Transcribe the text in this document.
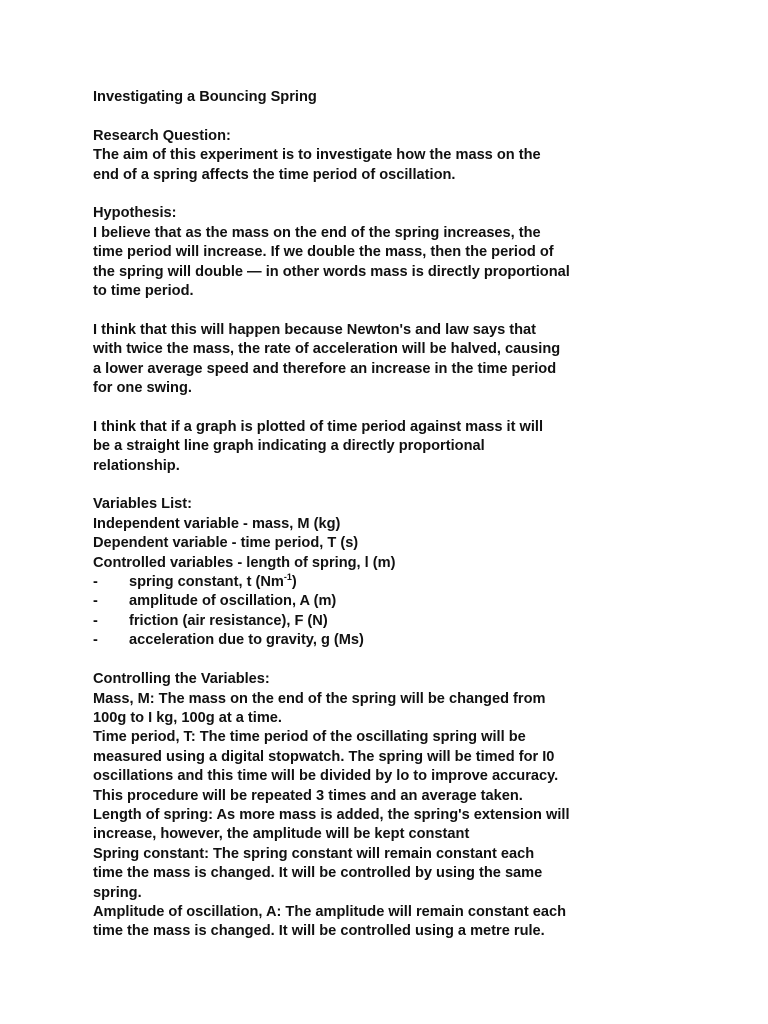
Investigating a Bouncing Spring
Research Question:
The aim of this experiment is to investigate how the mass on the
end of a spring affects the time period of oscillation.
Hypothesis:
I believe that as the mass on the end of the spring increases, the
time period will increase. If we double the mass, then the period of
the spring will double — in other words mass is directly proportional
to time period.
I think that this will happen because Newton's and law says that
with twice the mass, the rate of acceleration will be halved, causing
a lower average speed and therefore an increase in the time period
for one swing.
I think that if a graph is plotted of time period against mass it will
be a straight line graph indicating a directly proportional
relationship.
Variables List:
Independent variable - mass, M (kg)
Dependent variable - time period, T (s)
Controlled variables - length of spring, l (m)
- spring constant, t $(Nm^{-1})$
- amplitude of oscillation, A (m)
- friction (air resistance), F (N)
- acceleration due to gravity, g (Ms)
Controlling the Variables:
Mass, M: The mass on the end of the spring will be changed from
100g to I kg, 100g at a time.
Time period, T: The time period of the oscillating spring will be
measured using a digital stopwatch. The spring will be timed for I0
oscillations and this time will be divided by lo to improve accuracy.
This procedure will be repeated 3 times and an average taken.
Length of spring: As more mass is added, the spring's extension will
increase, however, the amplitude will be kept constant
Spring constant: The spring constant will remain constant each
time the mass is changed. It will be controlled by using the same
spring.
Amplitude of oscillation, A: The amplitude will remain constant each
time the mass is changed. It will be controlled using a metre rule.
